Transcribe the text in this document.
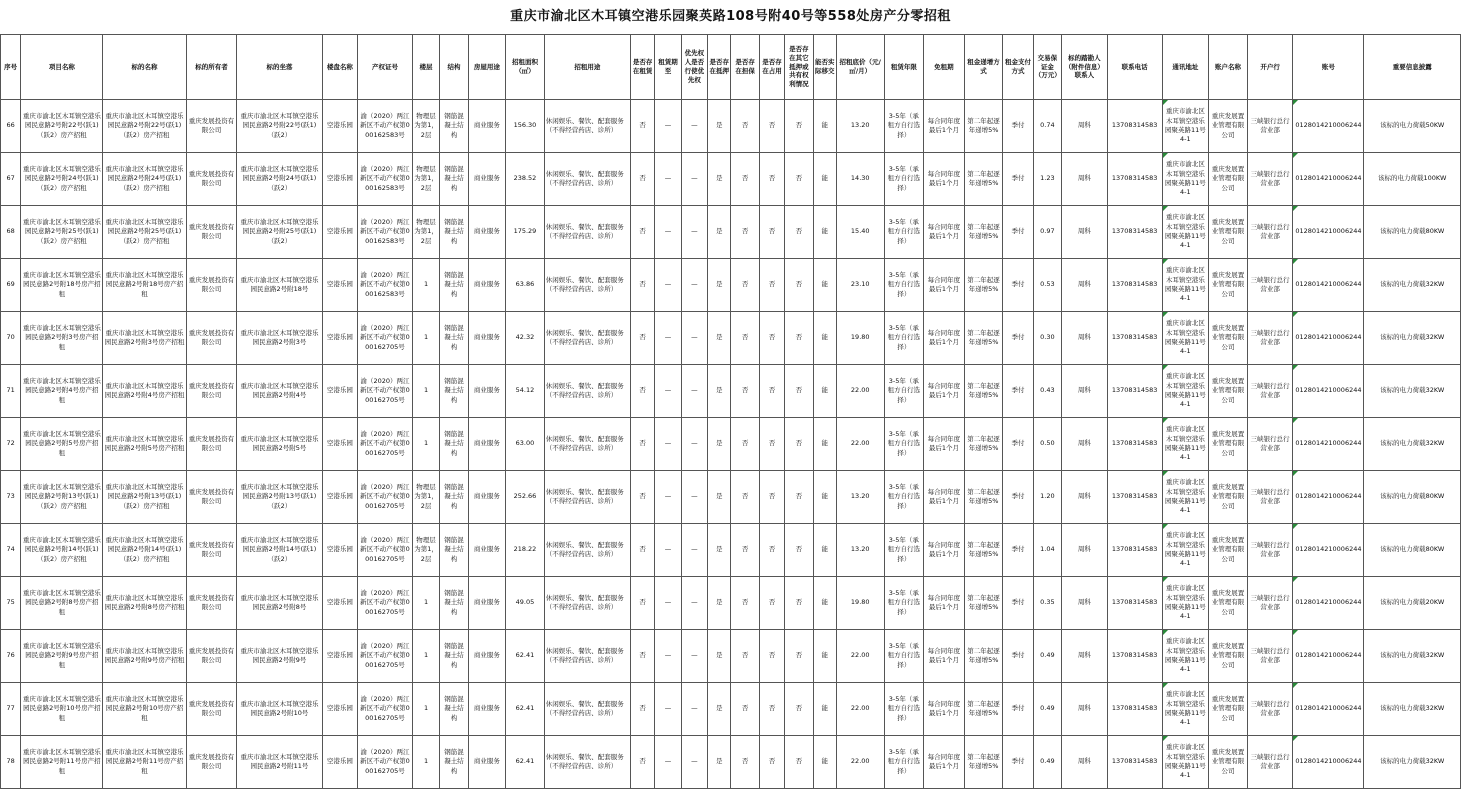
重庆市渝北区木耳镇空港乐园聚英路108号附40号等558处房产分零招租
序号	项目名称	标的名称	标的所有者	标的坐落	楼盘名称	产权证号	楼层	结构	房屋用途	招租面积（㎡）	招租用途	是否存在租赁	租赁期至	优先权人是否行使优先权	是否存在抵押	是否存在担保	是否存在占用	是否存在其它抵押或共有权利情况	能否实际移交	招租底价（元/㎡/月）	租赁年限	免租期	租金递增方式	租金支付方式	交易保证金（万元）	标的踏勘人（附件信息）联系人	联系电话	通讯地址	账户名称	开户行	账号	重要信息披露
66	重庆市渝北区木耳镇空港乐园民意路2号附22号(跃1)（跃2）房产招租	重庆市渝北区木耳镇空港乐园民意路2号附22号(跃1)（跃2）房产招租	重庆发展投资有限公司	重庆市渝北区木耳镇空港乐园民意路2号附22号(跃1)（跃2）	空港乐园	渝（2020）两江新区不动产权第000162583号	物理层为第1，2层	钢筋混凝土结构	商业服务	156.30	休闲娱乐、餐饮、配套服务（不得经营药店、诊所）	否	—	—	是	否	否	否	能	13.20	3-5年（承租方自行选择）	每合同年度最后1个月	第二年起逐年递增5%	季付	0.74	周科	13708314583	重庆市渝北区木耳镇空港乐园聚英路11号4-1	重庆发展置业管理有限公司	三峡银行总行营业部	0128014210006244	该标的电力荷载50KW
67	重庆市渝北区木耳镇空港乐园民意路2号附24号(跃1)（跃2）房产招租	重庆市渝北区木耳镇空港乐园民意路2号附24号(跃1)（跃2）房产招租	重庆发展投资有限公司	重庆市渝北区木耳镇空港乐园民意路2号附24号(跃1)（跃2）	空港乐园	渝（2020）两江新区不动产权第000162583号	物理层为第1，2层	钢筋混凝土结构	商业服务	238.52	休闲娱乐、餐饮、配套服务（不得经营药店、诊所）	否	—	—	是	否	否	否	能	14.30	3-5年（承租方自行选择）	每合同年度最后1个月	第二年起逐年递增5%	季付	1.23	周科	13708314583	重庆市渝北区木耳镇空港乐园聚英路11号4-1	重庆发展置业管理有限公司	三峡银行总行营业部	0128014210006244	该标的电力荷载100KW
68	重庆市渝北区木耳镇空港乐园民意路2号附25号(跃1)（跃2）房产招租	重庆市渝北区木耳镇空港乐园民意路2号附25号(跃1)（跃2）房产招租	重庆发展投资有限公司	重庆市渝北区木耳镇空港乐园民意路2号附25号(跃1)（跃2）	空港乐园	渝（2020）两江新区不动产权第000162583号	物理层为第1，2层	钢筋混凝土结构	商业服务	175.29	休闲娱乐、餐饮、配套服务（不得经营药店、诊所）	否	—	—	是	否	否	否	能	15.40	3-5年（承租方自行选择）	每合同年度最后1个月	第二年起逐年递增5%	季付	0.97	周科	13708314583	重庆市渝北区木耳镇空港乐园聚英路11号4-1	重庆发展置业管理有限公司	三峡银行总行营业部	0128014210006244	该标的电力荷载80KW
69	重庆市渝北区木耳镇空港乐园民意路2号附18号房产招租	重庆市渝北区木耳镇空港乐园民意路2号附18号房产招租	重庆发展投资有限公司	重庆市渝北区木耳镇空港乐园民意路2号附18号	空港乐园	渝（2020）两江新区不动产权第000162583号	1	钢筋混凝土结构	商业服务	63.86	休闲娱乐、餐饮、配套服务（不得经营药店、诊所）	否	—	—	是	否	否	否	能	23.10	3-5年（承租方自行选择）	每合同年度最后1个月	第二年起逐年递增5%	季付	0.53	周科	13708314583	重庆市渝北区木耳镇空港乐园聚英路11号4-1	重庆发展置业管理有限公司	三峡银行总行营业部	0128014210006244	该标的电力荷载32KW
70	重庆市渝北区木耳镇空港乐园民意路2号附3号房产招租	重庆市渝北区木耳镇空港乐园民意路2号附3号房产招租	重庆发展投资有限公司	重庆市渝北区木耳镇空港乐园民意路2号附3号	空港乐园	渝（2020）两江新区不动产权第000162705号	1	钢筋混凝土结构	商业服务	42.32	休闲娱乐、餐饮、配套服务（不得经营药店、诊所）	否	—	—	是	否	否	否	能	19.80	3-5年（承租方自行选择）	每合同年度最后1个月	第二年起逐年递增5%	季付	0.30	周科	13708314583	重庆市渝北区木耳镇空港乐园聚英路11号4-1	重庆发展置业管理有限公司	三峡银行总行营业部	0128014210006244	该标的电力荷载32KW
71	重庆市渝北区木耳镇空港乐园民意路2号附4号房产招租	重庆市渝北区木耳镇空港乐园民意路2号附4号房产招租	重庆发展投资有限公司	重庆市渝北区木耳镇空港乐园民意路2号附4号	空港乐园	渝（2020）两江新区不动产权第000162705号	1	钢筋混凝土结构	商业服务	54.12	休闲娱乐、餐饮、配套服务（不得经营药店、诊所）	否	—	—	是	否	否	否	能	22.00	3-5年（承租方自行选择）	每合同年度最后1个月	第二年起逐年递增5%	季付	0.43	周科	13708314583	重庆市渝北区木耳镇空港乐园聚英路11号4-1	重庆发展置业管理有限公司	三峡银行总行营业部	0128014210006244	该标的电力荷载32KW
72	重庆市渝北区木耳镇空港乐园民意路2号附5号房产招租	重庆市渝北区木耳镇空港乐园民意路2号附5号房产招租	重庆发展投资有限公司	重庆市渝北区木耳镇空港乐园民意路2号附5号	空港乐园	渝（2020）两江新区不动产权第000162705号	1	钢筋混凝土结构	商业服务	63.00	休闲娱乐、餐饮、配套服务（不得经营药店、诊所）	否	—	—	是	否	否	否	能	22.00	3-5年（承租方自行选择）	每合同年度最后1个月	第二年起逐年递增5%	季付	0.50	周科	13708314583	重庆市渝北区木耳镇空港乐园聚英路11号4-1	重庆发展置业管理有限公司	三峡银行总行营业部	0128014210006244	该标的电力荷载32KW
73	重庆市渝北区木耳镇空港乐园民意路2号附13号(跃1)（跃2）房产招租	重庆市渝北区木耳镇空港乐园民意路2号附13号(跃1)（跃2）房产招租	重庆发展投资有限公司	重庆市渝北区木耳镇空港乐园民意路2号附13号(跃1)（跃2）	空港乐园	渝（2020）两江新区不动产权第000162705号	物理层为第1，2层	钢筋混凝土结构	商业服务	252.66	休闲娱乐、餐饮、配套服务（不得经营药店、诊所）	否	—	—	是	否	否	否	能	13.20	3-5年（承租方自行选择）	每合同年度最后1个月	第二年起逐年递增5%	季付	1.20	周科	13708314583	重庆市渝北区木耳镇空港乐园聚英路11号4-1	重庆发展置业管理有限公司	三峡银行总行营业部	0128014210006244	该标的电力荷载80KW
74	重庆市渝北区木耳镇空港乐园民意路2号附14号(跃1)（跃2）房产招租	重庆市渝北区木耳镇空港乐园民意路2号附14号(跃1)（跃2）房产招租	重庆发展投资有限公司	重庆市渝北区木耳镇空港乐园民意路2号附14号(跃1)（跃2）	空港乐园	渝（2020）两江新区不动产权第000162705号	物理层为第1，2层	钢筋混凝土结构	商业服务	218.22	休闲娱乐、餐饮、配套服务（不得经营药店、诊所）	否	—	—	是	否	否	否	能	13.20	3-5年（承租方自行选择）	每合同年度最后1个月	第二年起逐年递增5%	季付	1.04	周科	13708314583	重庆市渝北区木耳镇空港乐园聚英路11号4-1	重庆发展置业管理有限公司	三峡银行总行营业部	0128014210006244	该标的电力荷载80KW
75	重庆市渝北区木耳镇空港乐园民意路2号附8号房产招租	重庆市渝北区木耳镇空港乐园民意路2号附8号房产招租	重庆发展投资有限公司	重庆市渝北区木耳镇空港乐园民意路2号附8号	空港乐园	渝（2020）两江新区不动产权第000162705号	1	钢筋混凝土结构	商业服务	49.05	休闲娱乐、餐饮、配套服务（不得经营药店、诊所）	否	—	—	是	否	否	否	能	19.80	3-5年（承租方自行选择）	每合同年度最后1个月	第二年起逐年递增5%	季付	0.35	周科	13708314583	重庆市渝北区木耳镇空港乐园聚英路11号4-1	重庆发展置业管理有限公司	三峡银行总行营业部	0128014210006244	该标的电力荷载20KW
76	重庆市渝北区木耳镇空港乐园民意路2号附9号房产招租	重庆市渝北区木耳镇空港乐园民意路2号附9号房产招租	重庆发展投资有限公司	重庆市渝北区木耳镇空港乐园民意路2号附9号	空港乐园	渝（2020）两江新区不动产权第000162705号	1	钢筋混凝土结构	商业服务	62.41	休闲娱乐、餐饮、配套服务（不得经营药店、诊所）	否	—	—	是	否	否	否	能	22.00	3-5年（承租方自行选择）	每合同年度最后1个月	第二年起逐年递增5%	季付	0.49	周科	13708314583	重庆市渝北区木耳镇空港乐园聚英路11号4-1	重庆发展置业管理有限公司	三峡银行总行营业部	0128014210006244	该标的电力荷载32KW
77	重庆市渝北区木耳镇空港乐园民意路2号附10号房产招租	重庆市渝北区木耳镇空港乐园民意路2号附10号房产招租	重庆发展投资有限公司	重庆市渝北区木耳镇空港乐园民意路2号附10号	空港乐园	渝（2020）两江新区不动产权第000162705号	1	钢筋混凝土结构	商业服务	62.41	休闲娱乐、餐饮、配套服务（不得经营药店、诊所）	否	—	—	是	否	否	否	能	22.00	3-5年（承租方自行选择）	每合同年度最后1个月	第二年起逐年递增5%	季付	0.49	周科	13708314583	重庆市渝北区木耳镇空港乐园聚英路11号4-1	重庆发展置业管理有限公司	三峡银行总行营业部	0128014210006244	该标的电力荷载32KW
78	重庆市渝北区木耳镇空港乐园民意路2号附11号房产招租	重庆市渝北区木耳镇空港乐园民意路2号附11号房产招租	重庆发展投资有限公司	重庆市渝北区木耳镇空港乐园民意路2号附11号	空港乐园	渝（2020）两江新区不动产权第000162705号	1	钢筋混凝土结构	商业服务	62.41	休闲娱乐、餐饮、配套服务（不得经营药店、诊所）	否	—	—	是	否	否	否	能	22.00	3-5年（承租方自行选择）	每合同年度最后1个月	第二年起逐年递增5%	季付	0.49	周科	13708314583	重庆市渝北区木耳镇空港乐园聚英路11号4-1	重庆发展置业管理有限公司	三峡银行总行营业部	0128014210006244	该标的电力荷载32KW
